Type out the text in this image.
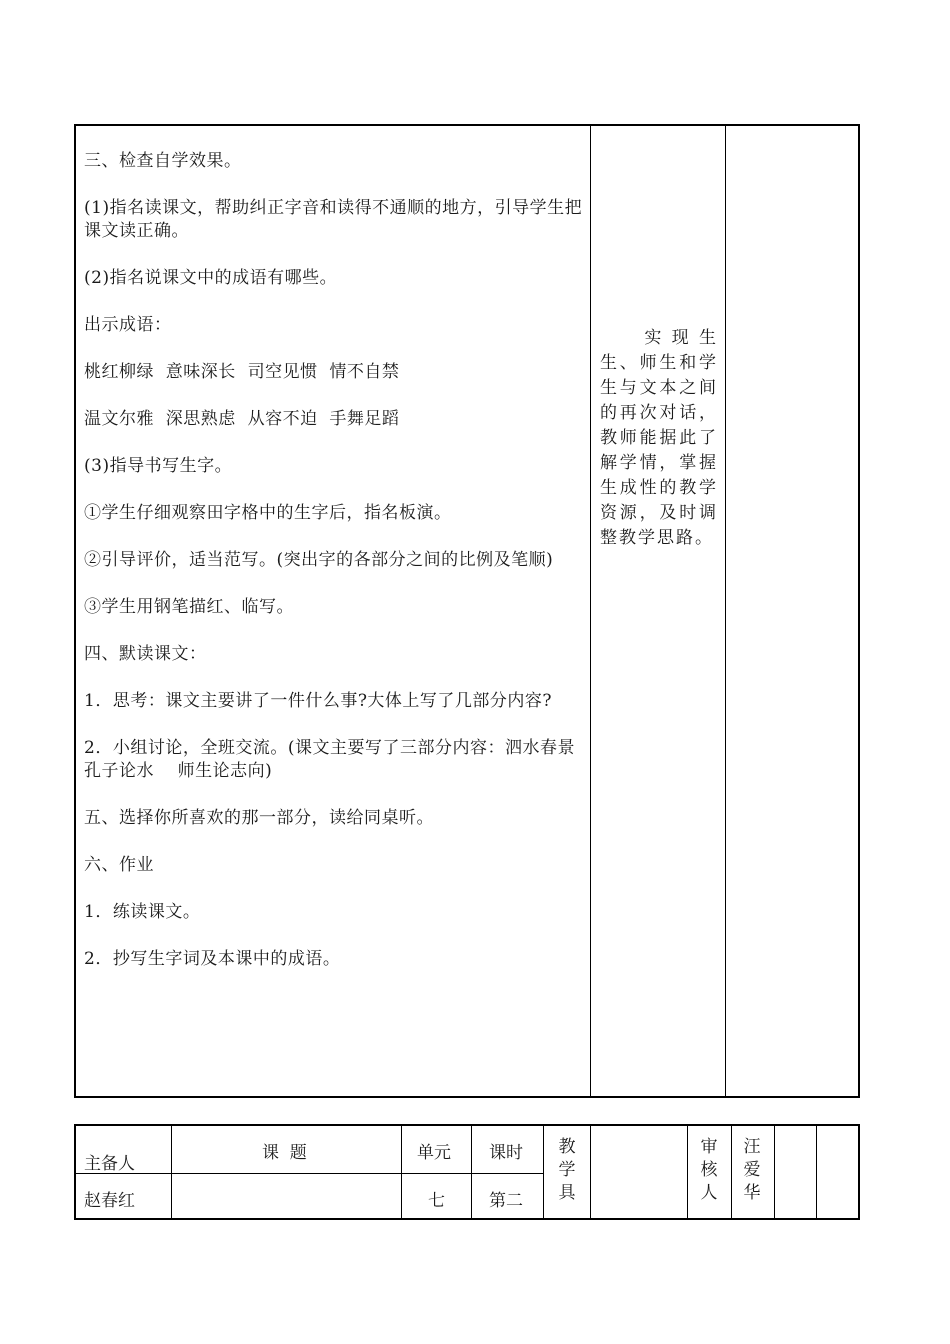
三、检查自学效果。

(1)指名读课文，帮助纠正字音和读得不通顺的地方，引导学生把课文读正确。

(2)指名说课文中的成语有哪些。

出示成语：

桃红柳绿  意味深长  司空见惯  情不自禁

温文尔雅  深思熟虑  从容不迫  手舞足蹈

(3)指导书写生字。

①学生仔细观察田字格中的生字后，指名板演。

②引导评价，适当范写。(突出字的各部分之间的比例及笔顺)

③学生用钢笔描红、临写。

四、默读课文：

1．思考：课文主要讲了一件什么事?大体上写了几部分内容?

2．小组讨论，全班交流。(课文主要写了三部分内容：泗水春景  孔子论水    师生论志向)

五、选择你所喜欢的那一部分，读给同桌听。

六、作业

1．练读课文。

2．抄写生字词及本课中的成语。

实现生生、师生和学生与文本之间的再次对话，教师能据此了解学情，掌握生成性的教学资源，及时调整教学思路。
主备人
赵春红
课  题	单元
七
课时
第二
教
学
具
审
核
人
汪
爱
华
